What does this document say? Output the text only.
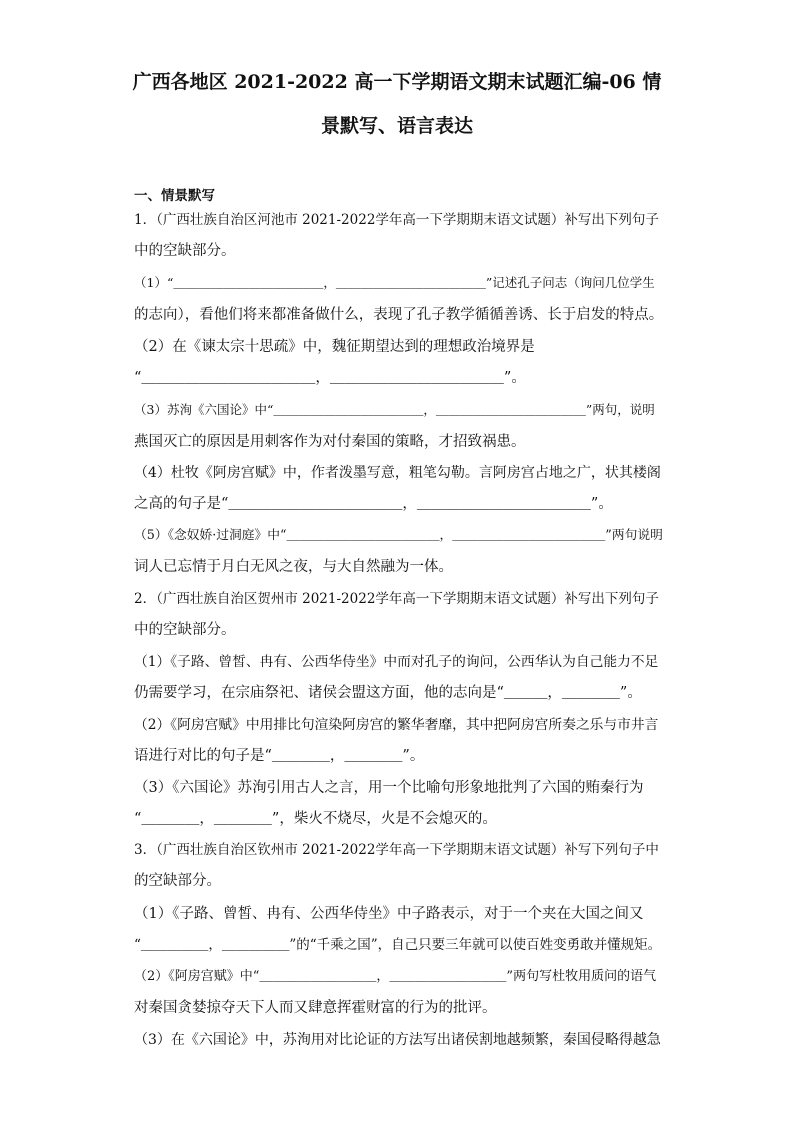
广西各地区 2021-2022 高一下学期语文期末试题汇编-06 情
景默写、语言表达
一、情景默写
1．（广西壮族自治区河池市 2021-2022学年高一下学期期末语文试题）补写出下列句子
中的空缺部分。
（1）“＿＿＿＿＿＿＿＿＿＿＿＿，＿＿＿＿＿＿＿＿＿＿＿＿”记述孔子问志（询问几位学生
的志向），看他们将来都准备做什么，表现了孔子教学循循善诱、长于启发的特点。
（2）在《谏太宗十思疏》中，魏征期望达到的理想政治境界是
“＿＿＿＿＿＿＿＿＿＿＿＿，＿＿＿＿＿＿＿＿＿＿＿＿”。
（3）苏洵《六国论》中“＿＿＿＿＿＿＿＿＿＿＿＿，＿＿＿＿＿＿＿＿＿＿＿＿”两句，说明
燕国灭亡的原因是用刺客作为对付秦国的策略，才招致祸患。
（4）杜牧《阿房宫赋》中，作者泼墨写意，粗笔勾勒。言阿房宫占地之广，状其楼阁
之高的句子是“＿＿＿＿＿＿＿＿＿＿＿＿，＿＿＿＿＿＿＿＿＿＿＿＿”。
（5）《念奴娇·过洞庭》中“＿＿＿＿＿＿＿＿＿＿＿＿，＿＿＿＿＿＿＿＿＿＿＿＿”两句说明
词人已忘情于月白无风之夜，与大自然融为一体。
2．（广西壮族自治区贺州市 2021-2022学年高一下学期期末语文试题）补写出下列句子
中的空缺部分。
（1）《子路、曾皙、冉有、公西华侍坐》中而对孔子的询问，公西华认为自己能力不足
仍需要学习，在宗庙祭祀、诸侯会盟这方面，他的志向是“＿＿＿，＿＿＿＿”。
（2）《阿房宫赋》中用排比句渲染阿房宫的繁华奢靡，其中把阿房宫所奏之乐与市井言
语进行对比的句子是“＿＿＿＿，＿＿＿＿”。
（3）《六国论》苏洵引用古人之言，用一个比喻句形象地批判了六国的贿秦行为
“＿＿＿＿，＿＿＿＿”，柴火不烧尽，火是不会熄灭的。
3．（广西壮族自治区钦州市 2021-2022学年高一下学期期末语文试题）补写下列句子中
的空缺部分。
（1）《子路、曾皙、冉有、公西华侍坐》中子路表示，对于一个夹在大国之间又
“＿＿＿＿＿，＿＿＿＿＿”的“千乘之国”，自己只要三年就可以使百姓变勇敢并懂规矩。
（2）《阿房宫赋》中“＿＿＿＿＿＿＿＿＿，＿＿＿＿＿＿＿＿＿”两句写杜牧用质问的语气
对秦国贪婪掠夺天下人而又肆意挥霍财富的行为的批评。
（3）在《六国论》中，苏洵用对比论证的方法写出诸侯割地越频繁，秦国侵略得越急
